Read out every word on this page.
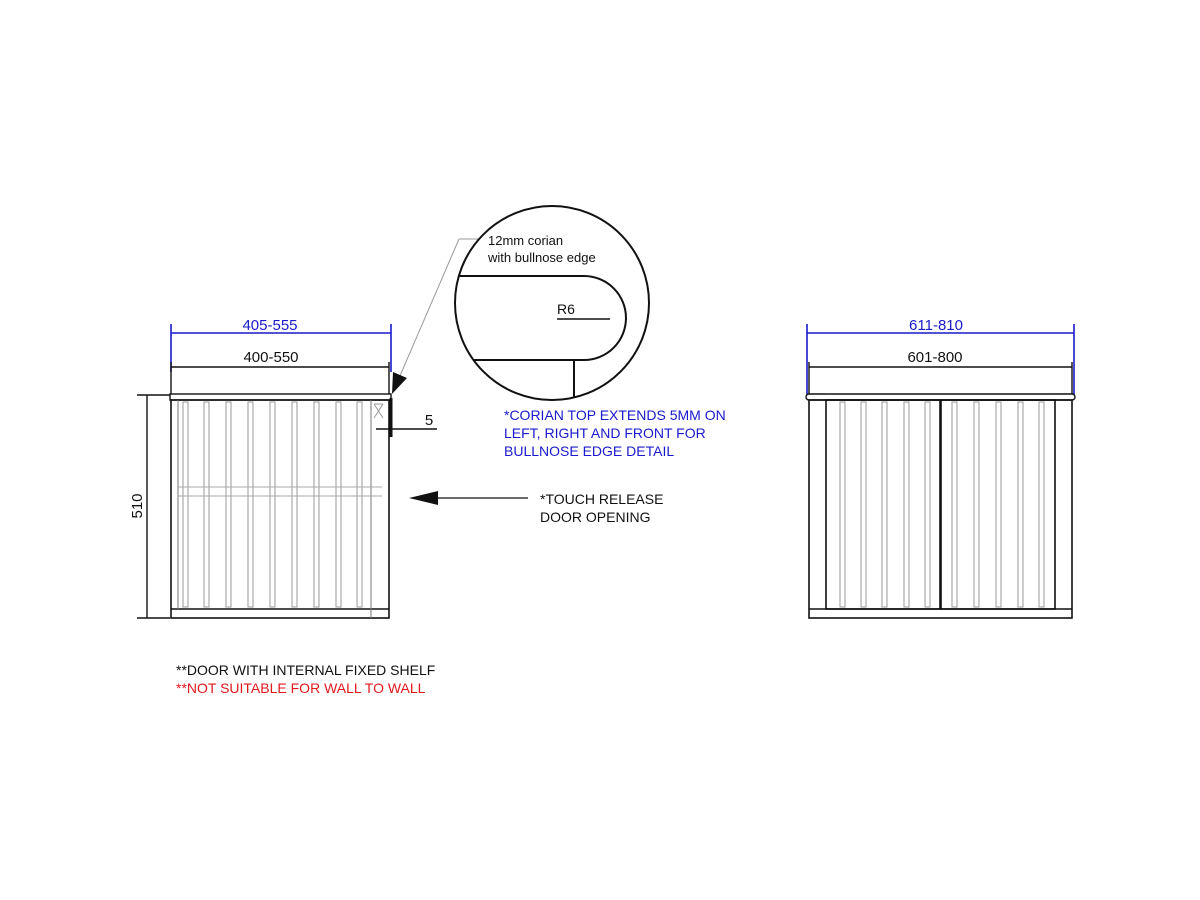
405-555
400-550
510
5
*TOUCH RELEASE
DOOR OPENING
12mm corian
with bullnose edge
R6
*CORIAN TOP EXTENDS 5MM ON
LEFT, RIGHT AND FRONT FOR
BULLNOSE EDGE DETAIL
611-810
601-800
**DOOR WITH INTERNAL FIXED SHELF
**NOT SUITABLE FOR WALL TO WALL
